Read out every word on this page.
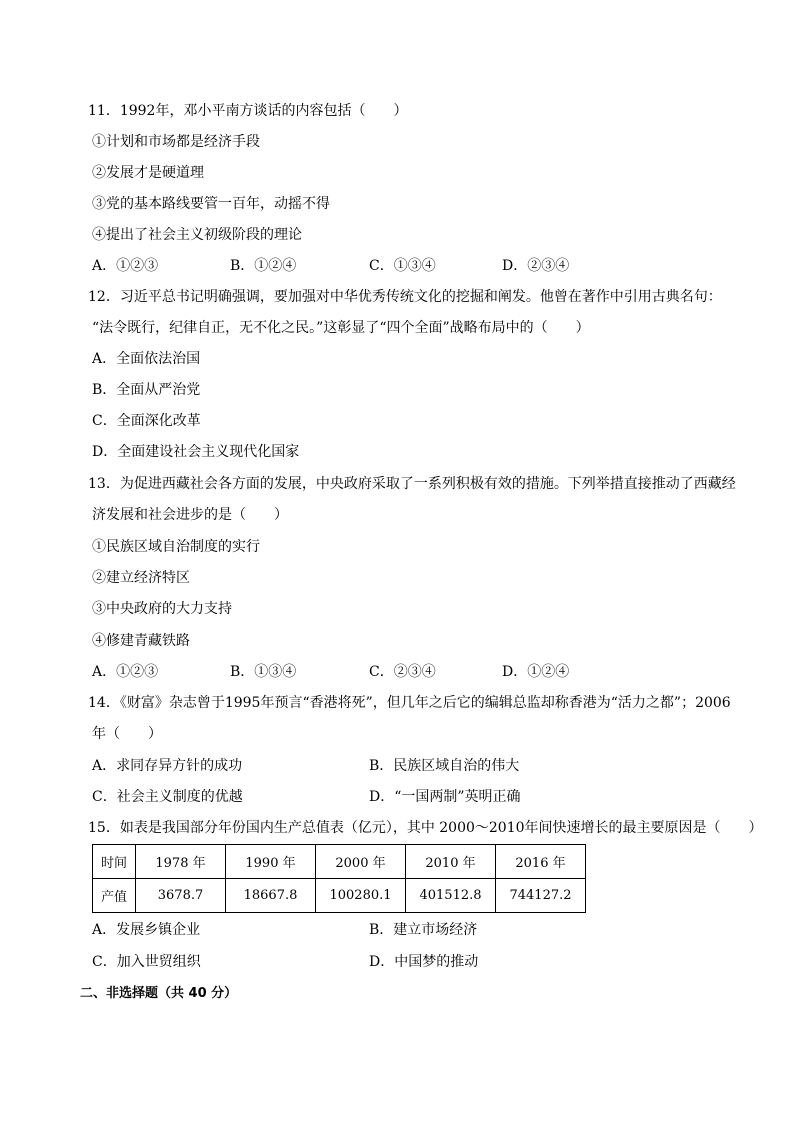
11．1992年，邓小平南方谈话的内容包括（　　）
①计划和市场都是经济手段
②发展才是硬道理
③党的基本路线要管一百年，动摇不得
④提出了社会主义初级阶段的理论
A．①②③	B．①②④	C．①③④	D．②③④
12．习近平总书记明确强调，要加强对中华优秀传统文化的挖掘和阐发。他曾在著作中引用古典名句：
“法令既行，纪律自正，无不化之民。”这彰显了“四个全面”战略布局中的（　　）
A．全面依法治国
B．全面从严治党
C．全面深化改革
D．全面建设社会主义现代化国家
13．为促进西藏社会各方面的发展，中央政府采取了一系列积极有效的措施。下列举措直接推动了西藏经
济发展和社会进步的是（　　）
①民族区域自治制度的实行
②建立经济特区
③中央政府的大力支持
④修建青藏铁路
A．①②③	B．①③④	C．②③④	D．①②④
14．《财富》杂志曾于1995年预言“香港将死”，但几年之后它的编辑总监却称香港为“活力之都”；2006
年（　　）
A．求同存异方针的成功	B．民族区域自治的伟大
C．社会主义制度的优越	D．“一国两制”英明正确
15．如表是我国部分年份国内生产总值表（亿元），其中 2000～2010年间快速增长的最主要原因是（　　）
时间	1978 年	1990 年	2000 年	2010 年	2016 年
产值	3678.7	18667.8	100280.1	401512.8	744127.2
A．发展乡镇企业	B．建立市场经济
C．加入世贸组织	D．中国梦的推动
二、非选择题（共 40 分）
